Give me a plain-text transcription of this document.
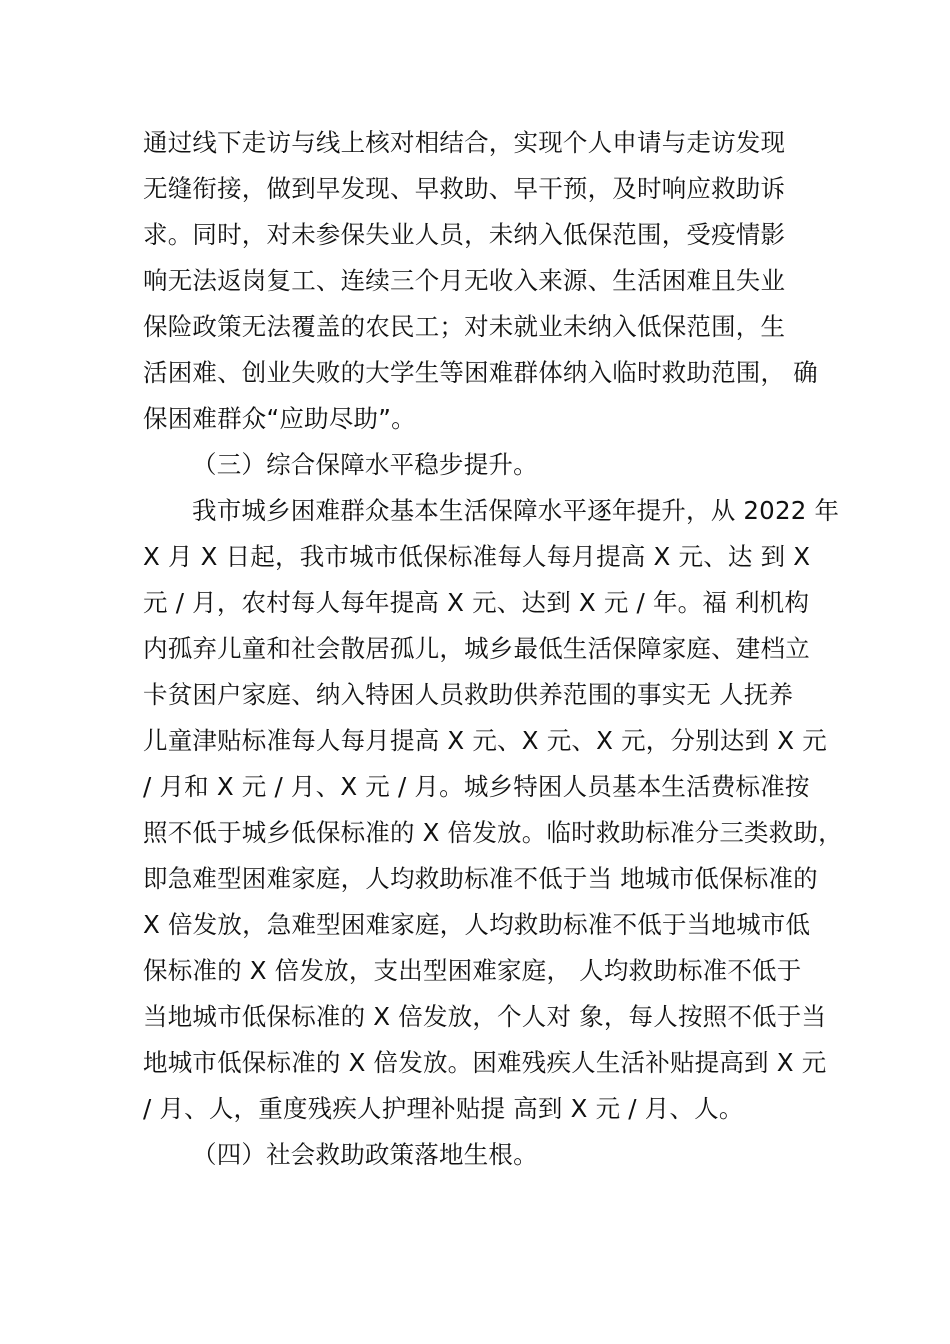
通过线下走访与线上核对相结合，实现个人申请与走访发现
无缝衔接，做到早发现、早救助、早干预，及时响应救助诉
求。同时，对未参保失业人员，未纳入低保范围，受疫情影
响无法返岗复工、连续三个月无收入来源、生活困难且失业
保险政策无法覆盖的农民工；对未就业未纳入低保范围，生
活困难、创业失败的大学生等困难群体纳入临时救助范围， 确
保困难群众“应助尽助”。
（三）综合保障水平稳步提升。
我市城乡困难群众基本生活保障水平逐年提升，从 2022 年
X 月 X 日起，我市城市低保标准每人每月提高 X 元、达 到 X
元 / 月，农村每人每年提高 X 元、达到 X 元 / 年。福 利机构
内孤弃儿童和社会散居孤儿，城乡最低生活保障家庭、建档立
卡贫困户家庭、纳入特困人员救助供养范围的事实无 人抚养
儿童津贴标准每人每月提高 X 元、X 元、X 元，分别达到 X 元
/ 月和 X 元 / 月、X 元 / 月。城乡特困人员基本生活费标准按
照不低于城乡低保标准的 X 倍发放。临时救助标准分三类救助，
即急难型困难家庭，人均救助标准不低于当 地城市低保标准的
X 倍发放，急难型困难家庭，人均救助标准不低于当地城市低
保标准的 X 倍发放，支出型困难家庭， 人均救助标准不低于
当地城市低保标准的 X 倍发放，个人对 象，每人按照不低于当
地城市低保标准的 X 倍发放。困难残疾人生活补贴提高到 X 元
/ 月、人，重度残疾人护理补贴提 高到 X 元 / 月、人。
（四）社会救助政策落地生根。
